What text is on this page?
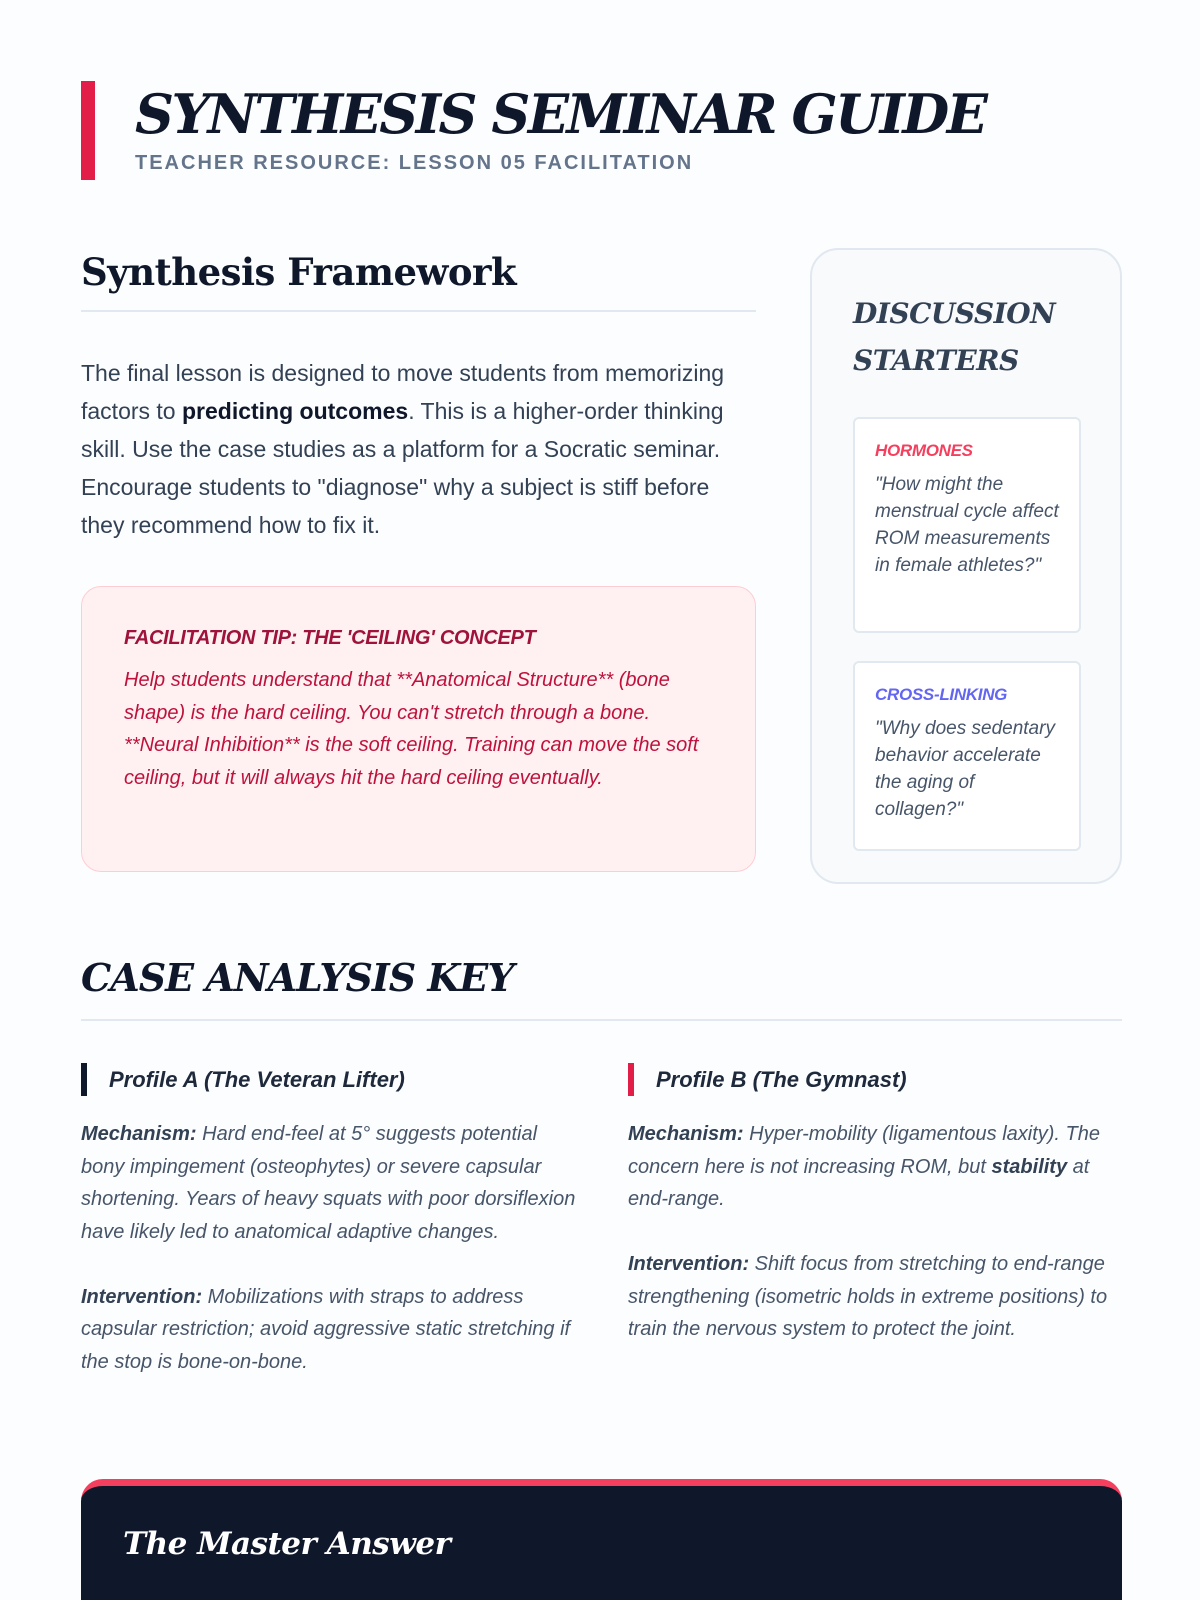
SYNTHESIS SEMINAR GUIDE
TEACHER RESOURCE: LESSON 05 FACILITATION
Synthesis Framework

The final lesson is designed to move students from memorizing factors to predicting outcomes. This is a higher-order thinking skill. Use the case studies as a platform for a Socratic seminar. Encourage students to "diagnose" why a subject is stiff before they recommend how to fix it.

FACILITATION TIP: THE 'CEILING' CONCEPT
Help students understand that **Anatomical Structure** (bone shape) is the hard ceiling. You can't stretch through a bone. **Neural Inhibition** is the soft ceiling. Training can move the soft ceiling, but it will always hit the hard ceiling eventually.
DISCUSSION STARTERS
HORMONES
"How might the menstrual cycle affect ROM measurements in female athletes?"
CROSS-LINKING
"Why does sedentary behavior accelerate the aging of collagen?"
CASE ANALYSIS KEY
Profile A (The Veteran Lifter)
Mechanism: Hard end-feel at 5° suggests potential bony impingement (osteophytes) or severe capsular shortening. Years of heavy squats with poor dorsiflexion have likely led to anatomical adaptive changes.
Intervention: Mobilizations with straps to address capsular restriction; avoid aggressive static stretching if the stop is bone-on-bone.
Profile B (The Gymnast)
Mechanism: Hyper-mobility (ligamentous laxity). The concern here is not increasing ROM, but stability at end-range.
Intervention: Shift focus from stretching to end-range strengthening (isometric holds in extreme positions) to train the nervous system to protect the joint.
The Master Answer
